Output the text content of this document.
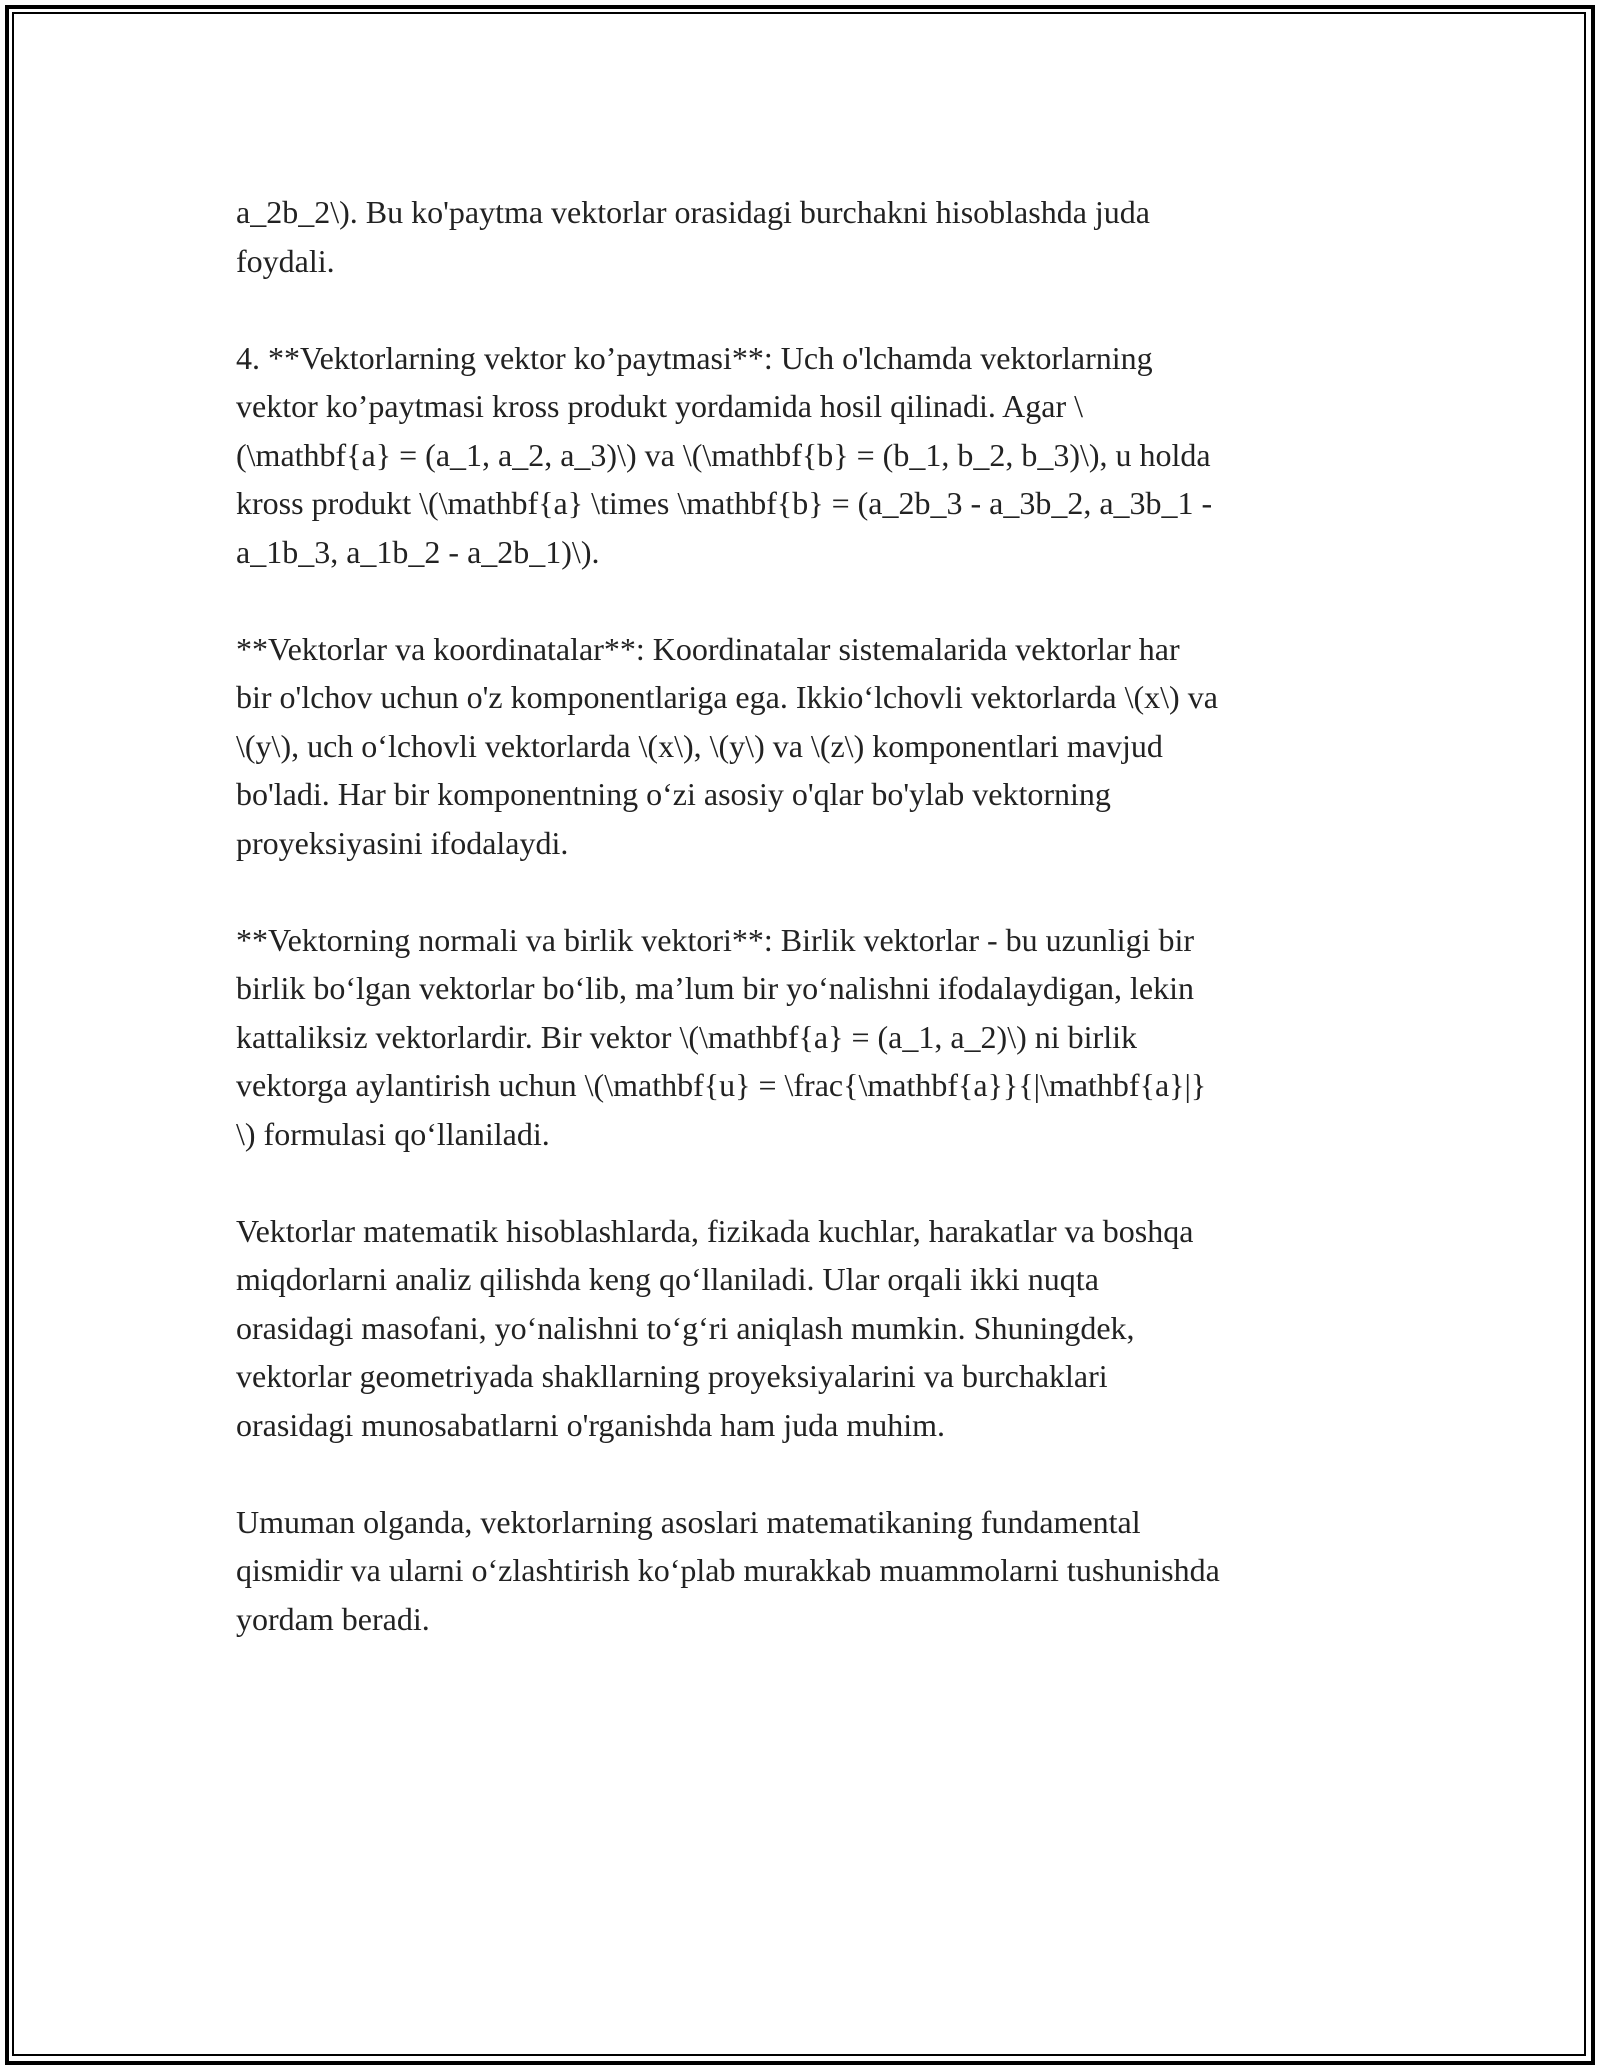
a_2b_2\). Bu ko'paytma vektorlar orasidagi burchakni hisoblashda juda
foydali.

4. **Vektorlarning vektor ko’paytmasi**: Uch o'lchamda vektorlarning
vektor ko’paytmasi kross produkt yordamida hosil qilinadi. Agar \
(\mathbf{a} = (a_1, a_2, a_3)\) va \(\mathbf{b} = (b_1, b_2, b_3)\), u holda
kross produkt \(\mathbf{a} \times \mathbf{b} = (a_2b_3 - a_3b_2, a_3b_1 -
a_1b_3, a_1b_2 - a_2b_1)\).

**Vektorlar va koordinatalar**: Koordinatalar sistemalarida vektorlar har
bir o'lchov uchun o'z komponentlariga ega. Ikkio‘lchovli vektorlarda \(x\) va
\(y\), uch o‘lchovli vektorlarda \(x\), \(y\) va \(z\) komponentlari mavjud
bo'ladi. Har bir komponentning o‘zi asosiy o'qlar bo'ylab vektorning
proyeksiyasini ifodalaydi.

**Vektorning normali va birlik vektori**: Birlik vektorlar - bu uzunligi bir
birlik bo‘lgan vektorlar bo‘lib, ma’lum bir yo‘nalishni ifodalaydigan, lekin
kattaliksiz vektorlardir. Bir vektor \(\mathbf{a} = (a_1, a_2)\) ni birlik
vektorga aylantirish uchun \(\mathbf{u} = \frac{\mathbf{a}}{|\mathbf{a}|}
\) formulasi qo‘llaniladi.

Vektorlar matematik hisoblashlarda, fizikada kuchlar, harakatlar va boshqa
miqdorlarni analiz qilishda keng qo‘llaniladi. Ular orqali ikki nuqta
orasidagi masofani, yo‘nalishni to‘g‘ri aniqlash mumkin. Shuningdek,
vektorlar geometriyada shakllarning proyeksiyalarini va burchaklari
orasidagi munosabatlarni o'rganishda ham juda muhim.

Umuman olganda, vektorlarning asoslari matematikaning fundamental
qismidir va ularni o‘zlashtirish ko‘plab murakkab muammolarni tushunishda
yordam beradi.
